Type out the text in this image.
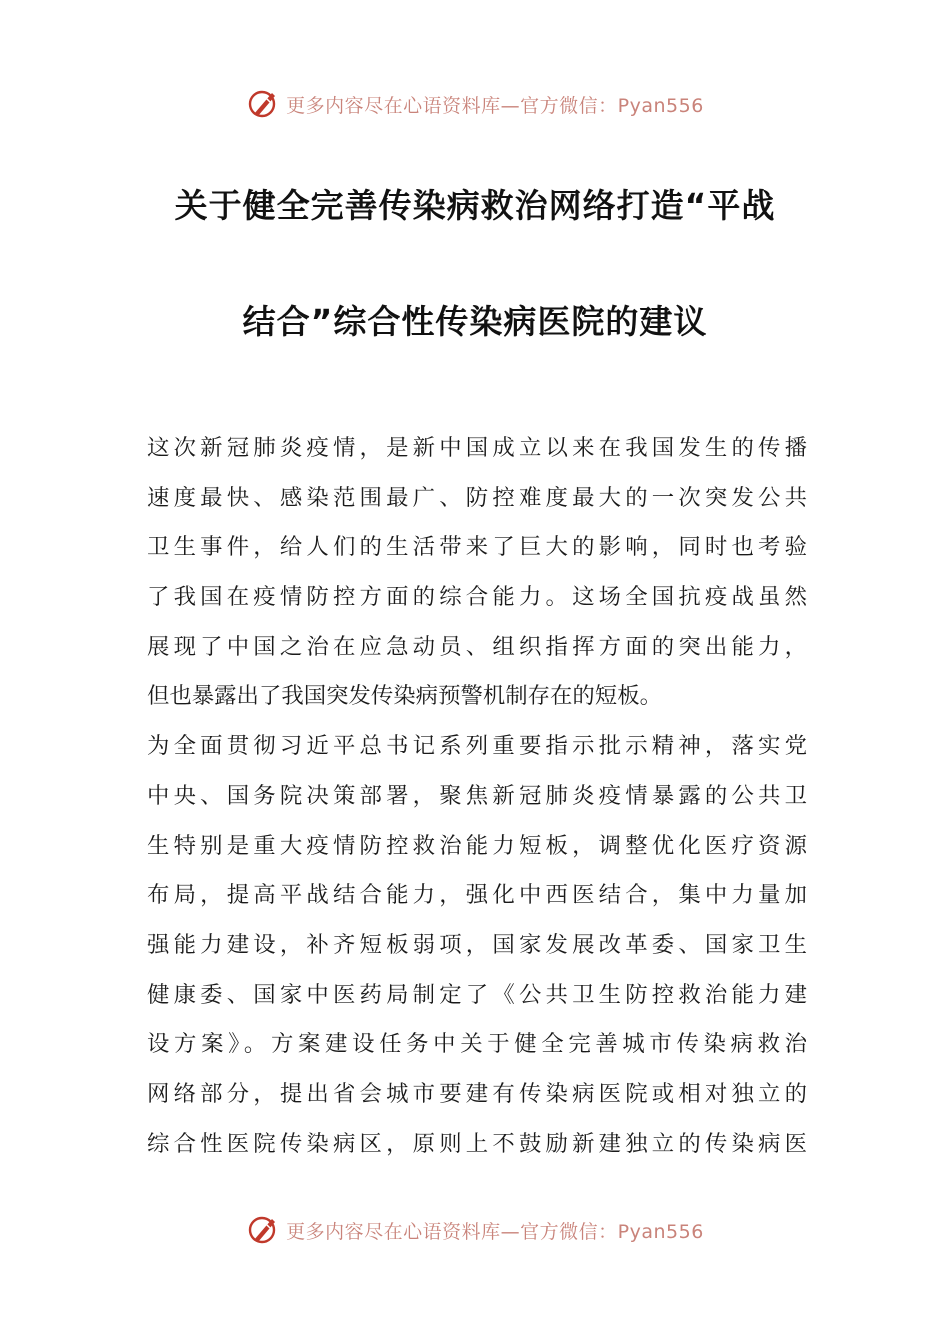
更多内容尽在心语资料库—官方微信：Pyan556
关于健全完善传染病救治网络打造“平战
结合”综合性传染病医院的建议
这次新冠肺炎疫情，是新中国成立以来在我国发生的传播
速度最快、感染范围最广、防控难度最大的一次突发公共
卫生事件，给人们的生活带来了巨大的影响，同时也考验
了我国在疫情防控方面的综合能力。这场全国抗疫战虽然
展现了中国之治在应急动员、组织指挥方面的突出能力，
但也暴露出了我国突发传染病预警机制存在的短板。
为全面贯彻习近平总书记系列重要指示批示精神，落实党
中央、国务院决策部署，聚焦新冠肺炎疫情暴露的公共卫
生特别是重大疫情防控救治能力短板，调整优化医疗资源
布局，提高平战结合能力，强化中西医结合，集中力量加
强能力建设，补齐短板弱项，国家发展改革委、国家卫生
健康委、国家中医药局制定了《公共卫生防控救治能力建
设方案》。方案建设任务中关于健全完善城市传染病救治
网络部分，提出省会城市要建有传染病医院或相对独立的
综合性医院传染病区，原则上不鼓励新建独立的传染病医
更多内容尽在心语资料库—官方微信：Pyan556
